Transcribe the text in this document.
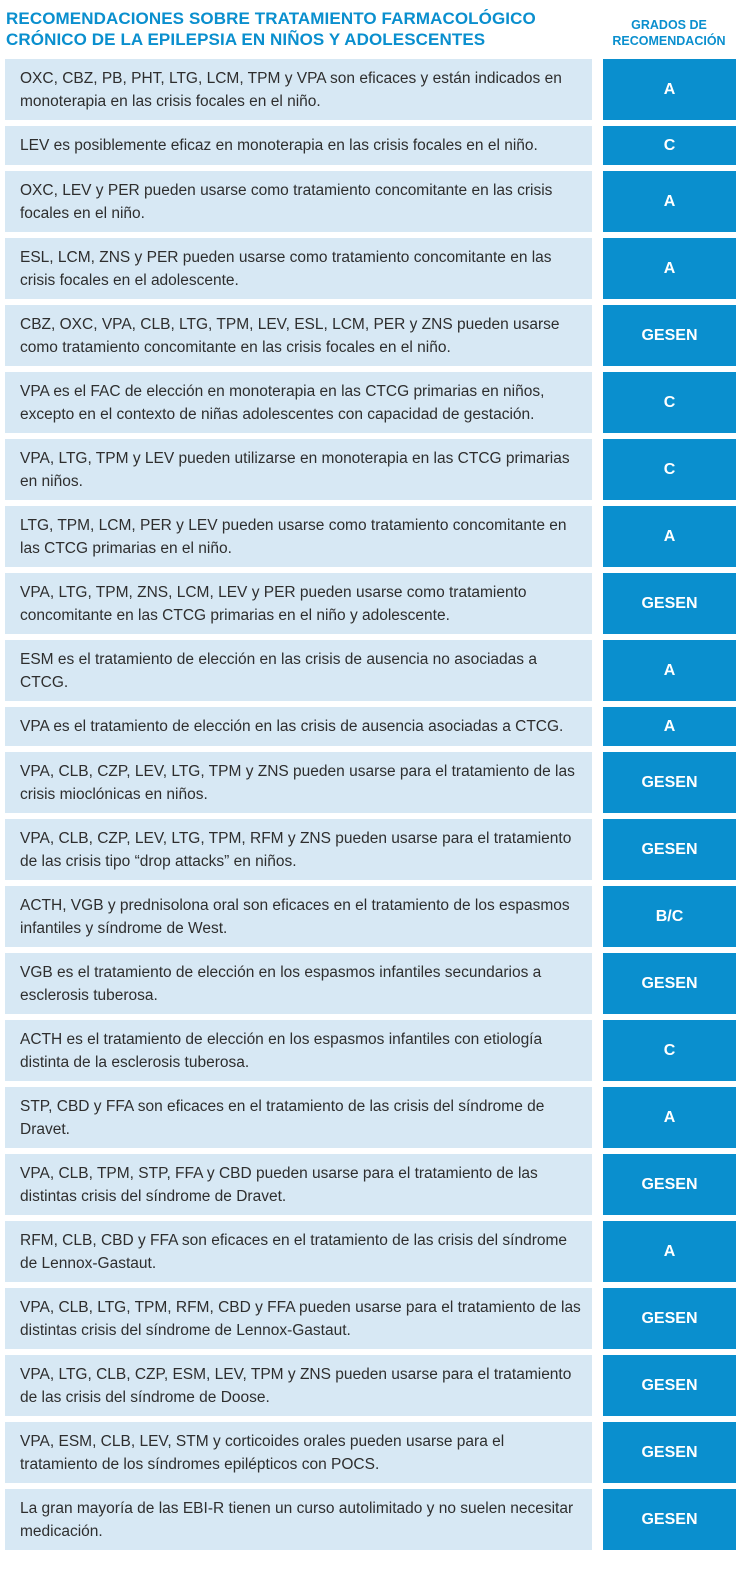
RECOMENDACIONES SOBRE TRATAMIENTO FARMACOLÓGICO
CRÓNICO DE LA EPILEPSIA EN NIÑOS Y ADOLESCENTES
GRADOS DE
RECOMENDACIÓN
OXC, CBZ, PB, PHT, LTG, LCM, TPM y VPA son eficaces y están indicados en monoterapia en las crisis focales en el niño.
A
LEV es posiblemente eficaz en monoterapia en las crisis focales en el niño.	C
OXC, LEV y PER pueden usarse como tratamiento concomitante en las crisis focales en el niño.
A
ESL, LCM, ZNS y PER pueden usarse como tratamiento concomitante en las crisis focales en el adolescente.
A
CBZ, OXC, VPA, CLB, LTG, TPM, LEV, ESL, LCM, PER y ZNS pueden usarse como tratamiento concomitante en las crisis focales en el niño.
GESEN
VPA es el FAC de elección en monoterapia en las CTCG primarias en niños, excepto en el contexto de niñas adolescentes con capacidad de gestación.
C
VPA, LTG, TPM y LEV pueden utilizarse en monoterapia en las CTCG primarias en niños.
C
LTG, TPM, LCM, PER y LEV pueden usarse como tratamiento concomitante en las CTCG primarias en el niño.
A
VPA, LTG, TPM, ZNS, LCM, LEV y PER pueden usarse como tratamiento concomitante en las CTCG primarias en el niño y adolescente.
GESEN
ESM es el tratamiento de elección en las crisis de ausencia no asociadas a CTCG.
A
VPA es el tratamiento de elección en las crisis de ausencia asociadas a CTCG.	A
VPA, CLB, CZP, LEV, LTG, TPM y ZNS pueden usarse para el tratamiento de las crisis mioclónicas en niños.
GESEN
VPA, CLB, CZP, LEV, LTG, TPM, RFM y ZNS pueden usarse para el tratamiento de las crisis tipo “drop attacks” en niños.
GESEN
ACTH, VGB y prednisolona oral son eficaces en el tratamiento de los espasmos infantiles y síndrome de West.
B/C
VGB es el tratamiento de elección en los espasmos infantiles secundarios a esclerosis tuberosa.
GESEN
ACTH es el tratamiento de elección en los espasmos infantiles con etiología distinta de la esclerosis tuberosa.
C
STP, CBD y FFA son eficaces en el tratamiento de las crisis del síndrome de Dravet.
A
VPA, CLB, TPM, STP, FFA y CBD pueden usarse para el tratamiento de las distintas crisis del síndrome de Dravet.
GESEN
RFM, CLB, CBD y FFA son eficaces en el tratamiento de las crisis del síndrome de Lennox-Gastaut.
A
VPA, CLB, LTG, TPM, RFM, CBD y FFA pueden usarse para el tratamiento de las distintas crisis del síndrome de Lennox-Gastaut.
GESEN
VPA, LTG, CLB, CZP, ESM, LEV, TPM y ZNS pueden usarse para el tratamiento de las crisis del síndrome de Doose.
GESEN
VPA, ESM, CLB, LEV, STM y corticoides orales pueden usarse para el tratamiento de los síndromes epilépticos con POCS.
GESEN
La gran mayoría de las EBI-R tienen un curso autolimitado y no suelen necesitar medicación.
GESEN
